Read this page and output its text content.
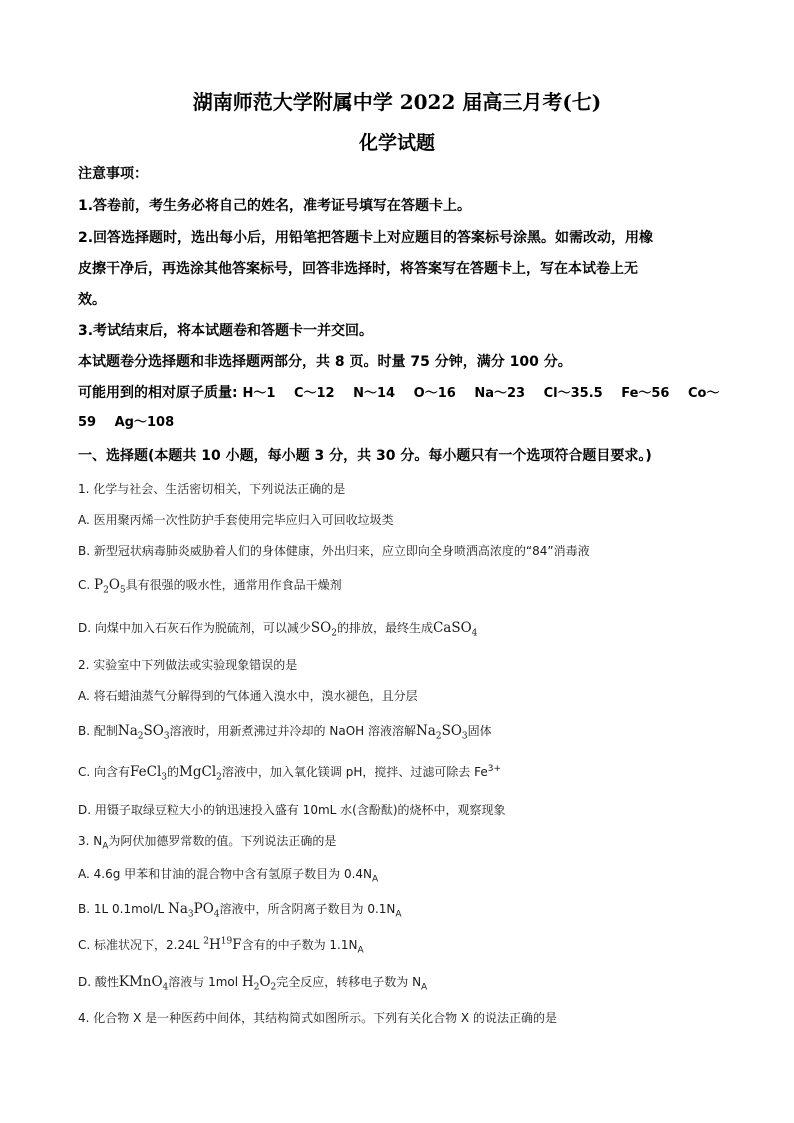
湖南师范大学附属中学 2022 届高三月考(七)
化学试题
注意事项：
1.答卷前，考生务必将自己的姓名，准考证号填写在答题卡上。
2.回答选择题时，选出每小后，用铅笔把答题卡上对应题目的答案标号涂黑。如需改动，用橡
皮擦干净后，再选涂其他答案标号，回答非选择时，将答案写在答题卡上，写在本试卷上无
效。
3.考试结束后，将本试题卷和答题卡一并交回。
本试题卷分选择题和非选择题两部分，共 8 页。时量 75 分钟，满分 100 分。
可能用到的相对原子质量: H～1 C～12 N～14 O～16 Na～23 Cl～35.5 Fe～56 Co～
59 Ag～108
一、选择题(本题共 10 小题，每小题 3 分，共 30 分。每小题只有一个选项符合题目要求。)
1. 化学与社会、生活密切相关，下列说法正确的是
A. 医用聚丙烯一次性防护手套使用完毕应归入可回收垃圾类
B. 新型冠状病毒肺炎威胁着人们的身体健康，外出归来，应立即向全身喷洒高浓度的“84”消毒液
C. $P_2O_5$具有很强的吸水性，通常用作食品干燥剂
D. 向煤中加入石灰石作为脱硫剂，可以减少$SO_2$的排放，最终生成CaSO$_4$
2. 实验室中下列做法或实验现象错误的是
A. 将石蜡油蒸气分解得到的气体通入溴水中，溴水褪色，且分层
B. 配制$Na_2SO_3$溶液时，用新煮沸过并冷却的 NaOH 溶液溶解$Na_2SO_3$固体
C. 向含有FeCl$_3$的MgCl$_2$溶液中，加入氧化镁调 pH，搅拌、过滤可除去 $Fe^{3+}$
D. 用镊子取绿豆粒大小的钠迅速投入盛有 10mL 水(含酚酞)的烧杯中，观察现象
3. $N_A$为阿伏加德罗常数的值。下列说法正确的是
A. 4.6g 甲苯和甘油的混合物中含有氢原子数目为 $0.4N_A$
B. 1L 0.1mol/L $Na_3PO_4$溶液中，所含阴离子数目为 $0.1N_A$
C. 标准状况下，2.24L $^2H^{19}F$含有的中子数为 $1.1N_A$
D. 酸性KMnO$_4$溶液与 1mol $H_2O_2$完全反应，转移电子数为 $N_A$
4. 化合物 X 是一种医药中间体，其结构简式如图所示。下列有关化合物 X 的说法正确的是
